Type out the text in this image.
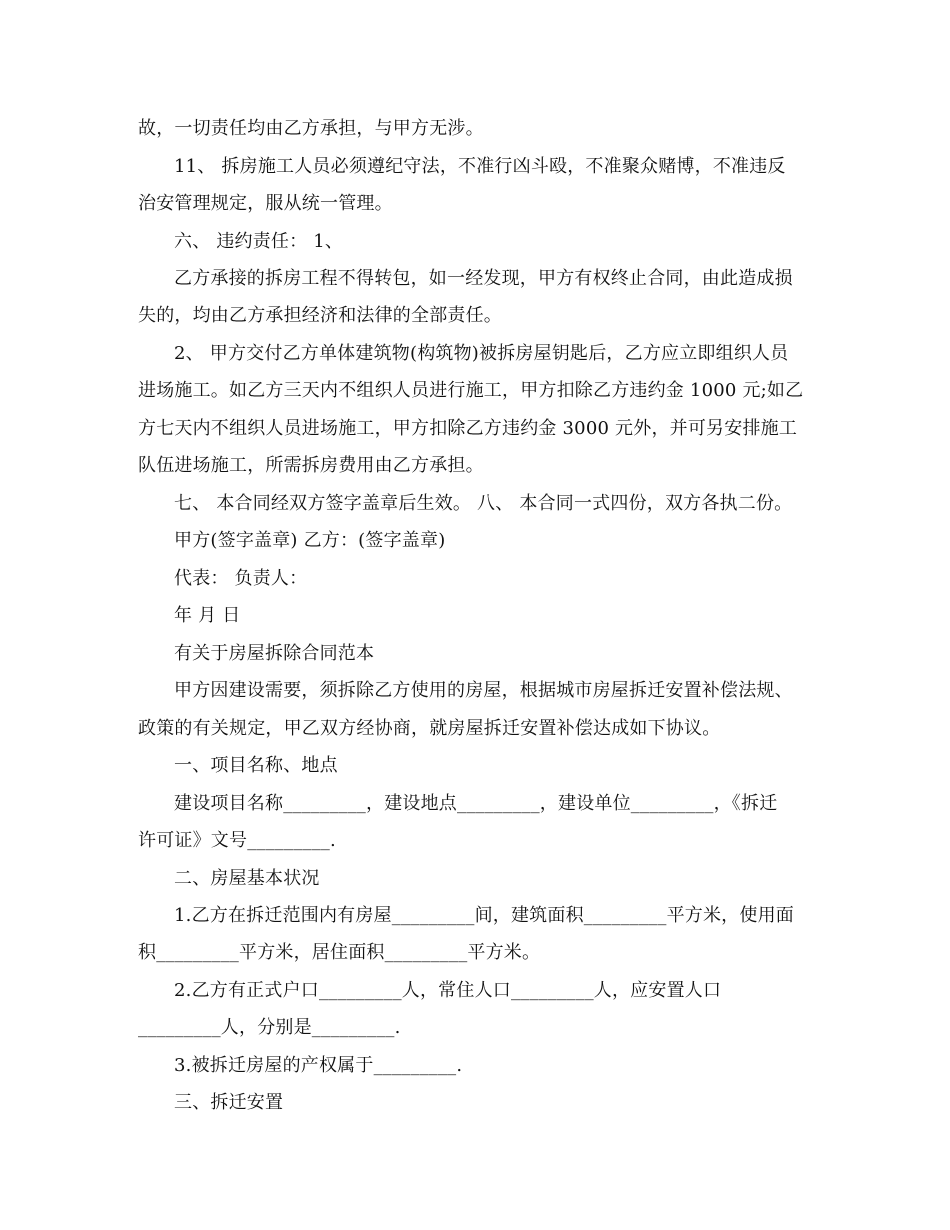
故，一切责任均由乙方承担，与甲方无涉。
11、 拆房施工人员必须遵纪守法，不准行凶斗殴，不准聚众赌博，不准违反
治安管理规定，服从统一管理。
六、 违约责任： 1、
乙方承接的拆房工程不得转包，如一经发现，甲方有权终止合同，由此造成损
失的，均由乙方承担经济和法律的全部责任。
2、 甲方交付乙方单体建筑物(构筑物)被拆房屋钥匙后，乙方应立即组织人员
进场施工。如乙方三天内不组织人员进行施工，甲方扣除乙方违约金 1000 元;如乙
方七天内不组织人员进场施工，甲方扣除乙方违约金 3000 元外，并可另安排施工
队伍进场施工，所需拆房费用由乙方承担。
七、 本合同经双方签字盖章后生效。 八、 本合同一式四份，双方各执二份。
甲方(签字盖章) 乙方：(签字盖章)
代表： 负责人：
年 月 日
有关于房屋拆除合同范本
甲方因建设需要，须拆除乙方使用的房屋，根据城市房屋拆迁安置补偿法规、
政策的有关规定，甲乙双方经协商，就房屋拆迁安置补偿达成如下协议。
一、项目名称、地点
建设项目名称_________，建设地点_________，建设单位_________，《拆迁
许可证》文号_________.
二、房屋基本状况
1.乙方在拆迁范围内有房屋_________间，建筑面积_________平方米，使用面
积_________平方米，居住面积_________平方米。
2.乙方有正式户口_________人，常住人口_________人，应安置人口
_________人，分别是_________.
3.被拆迁房屋的产权属于_________.
三、拆迁安置
